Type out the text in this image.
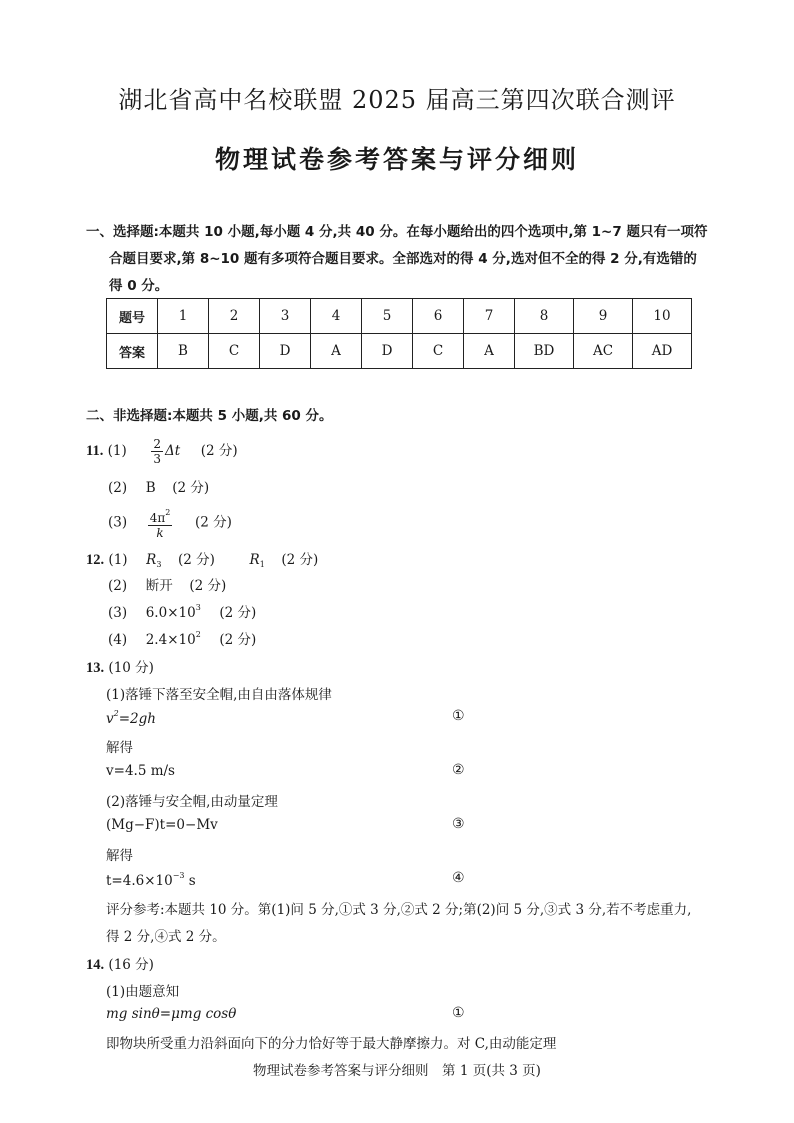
湖北省高中名校联盟 2025 届高三第四次联合测评
物理试卷参考答案与评分细则
一、选择题:本题共 10 小题,每小题 4 分,共 40 分。在每小题给出的四个选项中,第 1~7 题只有一项符
合题目要求,第 8~10 题有多项符合题目要求。全部选对的得 4 分,选对但不全的得 2 分,有选错的
得 0 分。
题号	1	2	3	4	5	6	7	8	9	10
答案	B	C	D	A	D	C	A	BD	AC	AD
二、非选择题:本题共 5 小题,共 60 分。
11. $(1) \frac{2}{3}$ Δt (2 分)
(2) B (2 分)
$(3) \frac{4\pi^2}{k} (2$ 分)
12. (1) $R_3$ (2 分)	$R_1$ (2 分)
(2) 断开 (2 分)
(3) $6.0\times 10^3$ (2 分)
(4) $2.4\times 10^2$ (2 分)
13. (10 分)
(1)落锤下落至安全帽,由自由落体规律
$v^2=2gh$	①
解得
v=4.5 m/s	②
(2)落锤与安全帽,由动量定理
(Mg−F)t=0−Mv	③
解得
$t=4.6\times 10^{-3}$ s	④
评分参考:本题共 10 分。第(1)问 5 分,①式 3 分,②式 2 分;第(2)问 5 分,③式 3 分,若不考虑重力,
得 2 分,④式 2 分。
14. (16 分)
(1)由题意知
mg sinθ=μmg cosθ	①
即物块所受重力沿斜面向下的分力恰好等于最大静摩擦力。对 C,由动能定理
物理试卷参考答案与评分细则　第 1 页(共 3 页)
